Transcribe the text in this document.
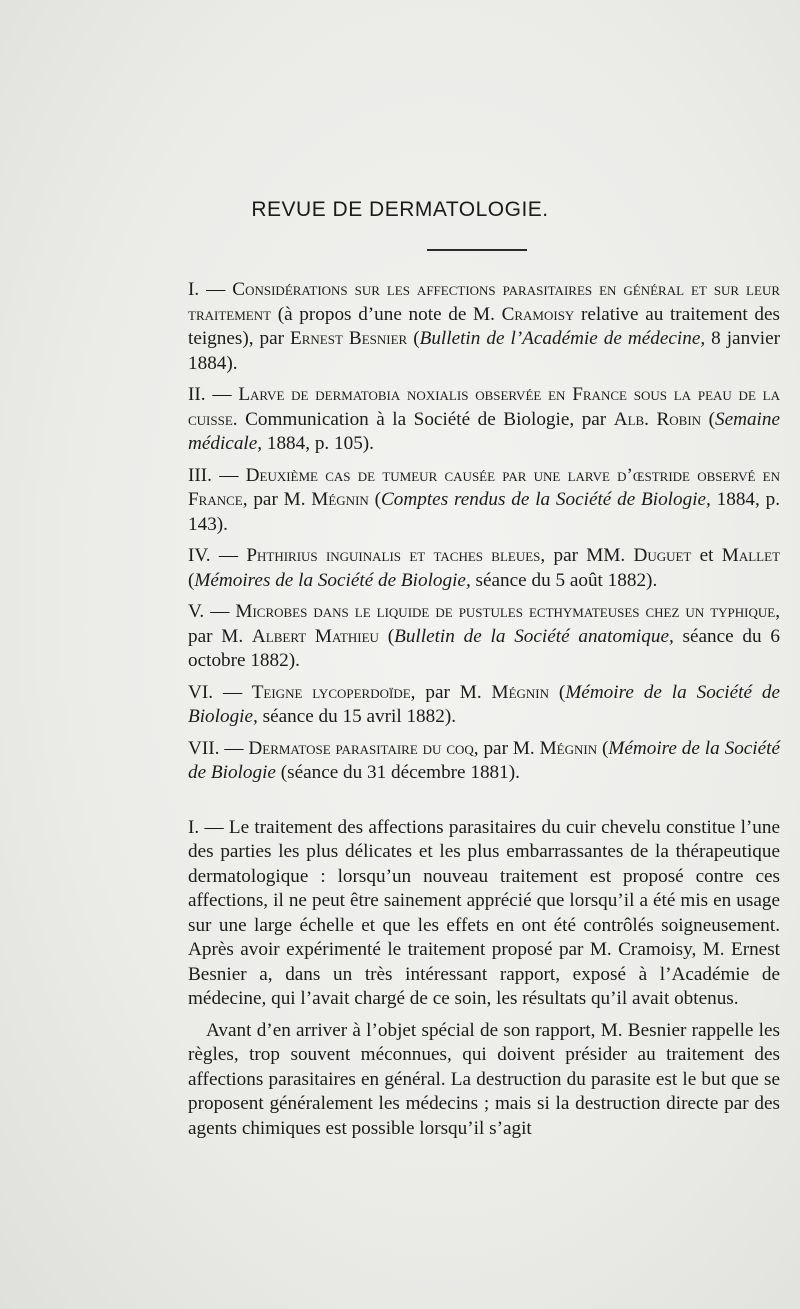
REVUE DE DERMATOLOGIE.
I. — Considérations sur les affections parasitaires en général et sur leur traitement (à propos d’une note de M. Cramoisy relative au traitement des teignes), par Ernest Besnier (Bulletin de l’Académie de médecine, 8 janvier 1884).
II. — Larve de dermatobia noxialis observée en France sous la peau de la cuisse. Communication à la Société de Biologie, par Alb. Robin (Semaine médicale, 1884, p. 105).
III. — Deuxième cas de tumeur causée par une larve d’œstride observé en France, par M. Mégnin (Comptes rendus de la Société de Biologie, 1884, p. 143).
IV. — Phthirius inguinalis et taches bleues, par MM. Duguet et Mallet (Mémoires de la Société de Biologie, séance du 5 août 1882).
V. — Microbes dans le liquide de pustules ecthymateuses chez un typhique, par M. Albert Mathieu (Bulletin de la Société anatomique, séance du 6 octobre 1882).
VI. — Teigne lycoperdoïde, par M. Mégnin (Mémoire de la Société de Biologie, séance du 15 avril 1882).
VII. — Dermatose parasitaire du coq, par M. Mégnin (Mémoire de la Société de Biologie (séance du 31 décembre 1881).

I. — Le traitement des affections parasitaires du cuir chevelu constitue l’une des parties les plus délicates et les plus embarrassantes de la thérapeutique dermatologique : lorsqu’un nouveau traitement est proposé contre ces affections, il ne peut être sainement apprécié que lorsqu’il a été mis en usage sur une large échelle et que les effets en ont été contrôlés soigneusement. Après avoir expérimenté le traitement proposé par M. Cramoisy, M. Ernest Besnier a, dans un très intéressant rapport, exposé à l’Académie de médecine, qui l’avait chargé de ce soin, les résultats qu’il avait obtenus.

Avant d’en arriver à l’objet spécial de son rapport, M. Besnier rappelle les règles, trop souvent méconnues, qui doivent présider au traitement des affections parasitaires en général. La destruction du parasite est le but que se proposent généralement les médecins ; mais si la destruction directe par des agents chimiques est possible lorsqu’il s’agit
